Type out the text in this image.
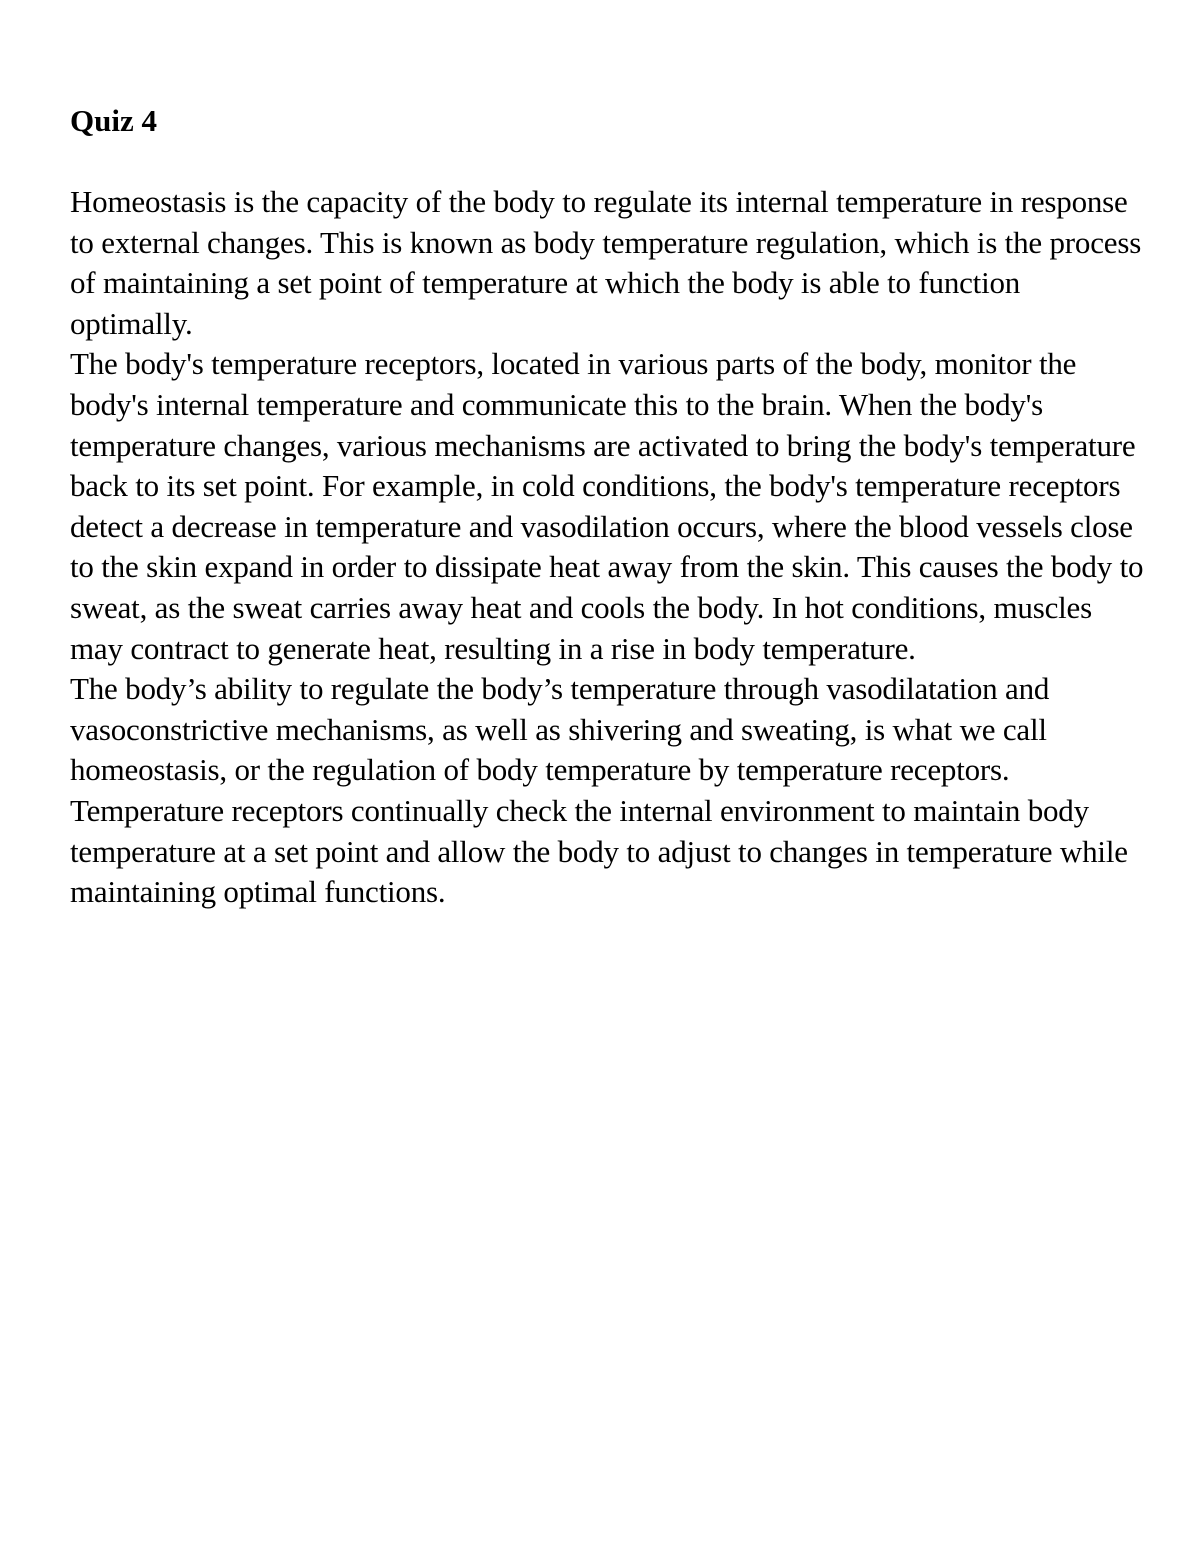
Quiz 4

Homeostasis is the capacity of the body to regulate its internal temperature in response to external changes. This is known as body temperature regulation, which is the process of maintaining a set point of temperature at which the body is able to function optimally.

The body's temperature receptors, located in various parts of the body, monitor the body's internal temperature and communicate this to the brain. When the body's temperature changes, various mechanisms are activated to bring the body's temperature back to its set point. For example, in cold conditions, the body's temperature receptors detect a decrease in temperature and vasodilation occurs, where the blood vessels close to the skin expand in order to dissipate heat away from the skin. This causes the body to sweat, as the sweat carries away heat and cools the body. In hot conditions, muscles may contract to generate heat, resulting in a rise in body temperature.

The body’s ability to regulate the body’s temperature through vasodilatation and vasoconstrictive mechanisms, as well as shivering and sweating, is what we call homeostasis, or the regulation of body temperature by temperature receptors. Temperature receptors continually check the internal environment to maintain body temperature at a set point and allow the body to adjust to changes in temperature while maintaining optimal functions.
